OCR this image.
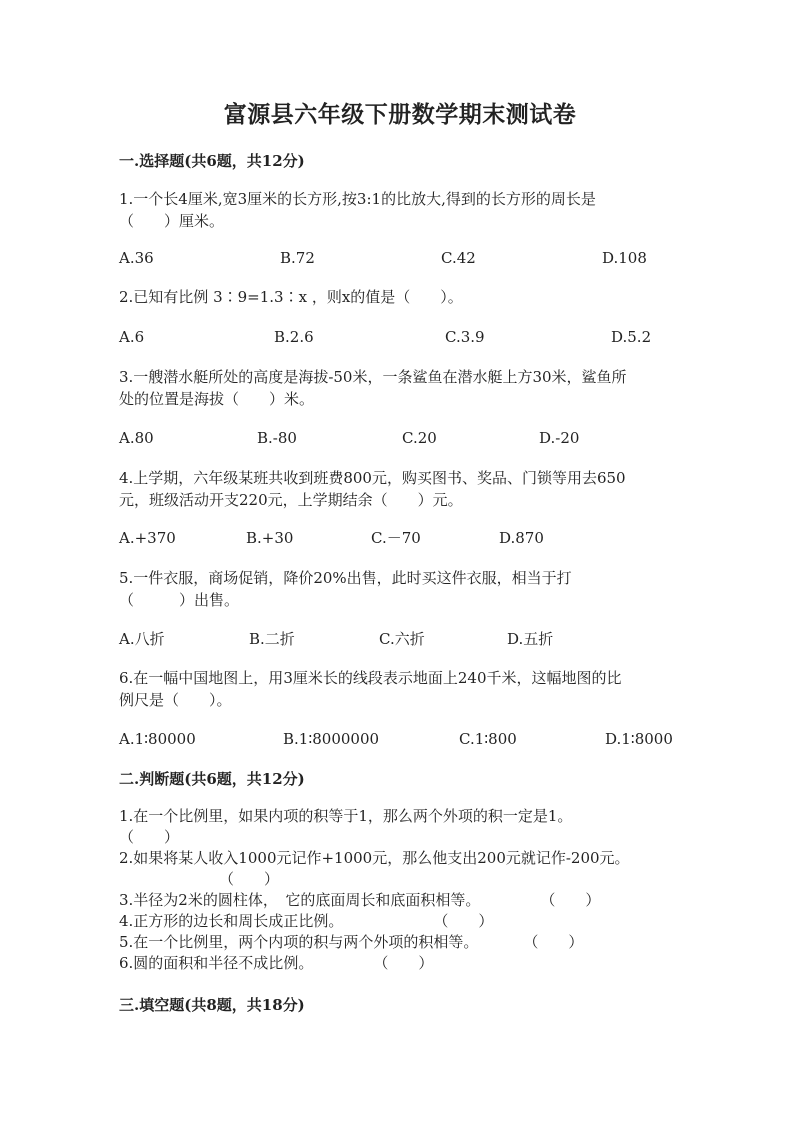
富源县六年级下册数学期末测试卷
一.选择题(共6题，共12分)
1.一个长4厘米,宽3厘米的长方形,按3:1的比放大,得到的长方形的周长是
（　　）厘米。
A.36	B.72	C.42	D.108
2.已知有比例 3∶9=1.3∶x ，则x的值是（　　）。
A.6	B.2.6	C.3.9	D.5.2
3.一艘潜水艇所处的高度是海拔-50米，一条鲨鱼在潜水艇上方30米，鲨鱼所
处的位置是海拔（　　）米。
A.80	B.-80	C.20	D.-20
4.上学期，六年级某班共收到班费800元，购买图书、奖品、门锁等用去650
元，班级活动开支220元，上学期结余（　　）元。
A.+370	B.+30	C.－70	D.870
5.一件衣服，商场促销，降价20%出售，此时买这件衣服，相当于打
（　　　）出售。
A.八折	B.二折	C.六折	D.五折
6.在一幅中国地图上，用3厘米长的线段表示地面上240千米，这幅地图的比
例尺是（　　）。
A.1∶80000	B.1∶8000000	C.1∶800	D.1∶8000
二.判断题(共6题，共12分)
1.在一个比例里，如果内项的积等于1，那么两个外项的积一定是1。
（　　）
2.如果将某人收入1000元记作+1000元，那么他支出200元就记作-200元。
（　　）
3.半径为2米的圆柱体，　它的底面周长和底面积相等。　　　　　（　　）
4.正方形的边长和周长成正比例。　　　　　　　（　　）
5.在一个比例里，两个内项的积与两个外项的积相等。　　　　（　　）
6.圆的面积和半径不成比例。　　　　　（　　）
三.填空题(共8题，共18分)
